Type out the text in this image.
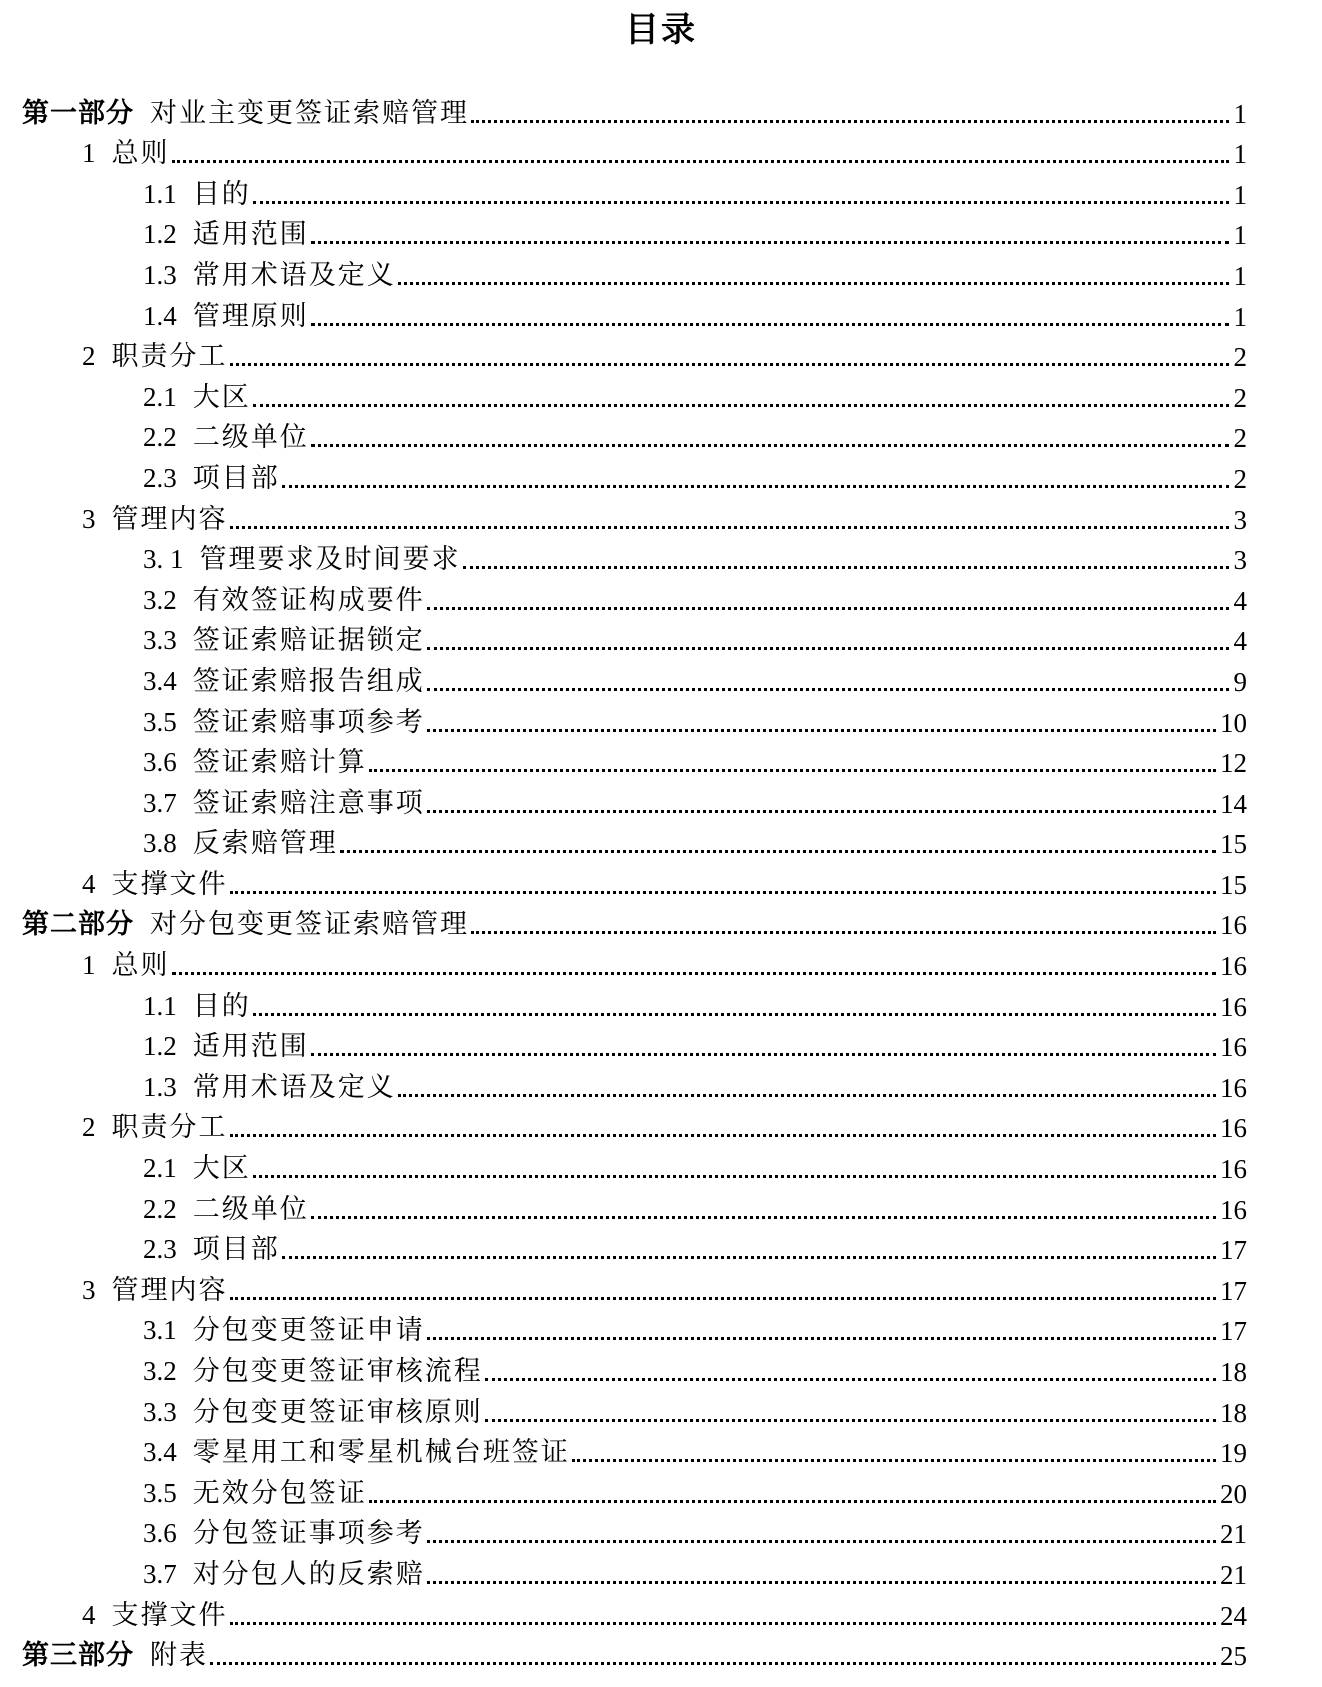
目录
第一部分 对业主变更签证索赔管理	1
1 总则	1
1.1 目的	1
1.2 适用范围	1
1.3 常用术语及定义	1
1.4 管理原则	1
2 职责分工	2
2.1 大区	2
2.2 二级单位	2
2.3 项目部	2
3 管理内容	3
3. 1 管理要求及时间要求	3
3.2 有效签证构成要件	4
3.3 签证索赔证据锁定	4
3.4 签证索赔报告组成	9
3.5 签证索赔事项参考	10
3.6 签证索赔计算	12
3.7 签证索赔注意事项	14
3.8 反索赔管理	15
4 支撑文件	15
第二部分 对分包变更签证索赔管理	16
1 总则	16
1.1 目的	16
1.2 适用范围	16
1.3 常用术语及定义	16
2 职责分工	16
2.1 大区	16
2.2 二级单位	16
2.3 项目部	17
3 管理内容	17
3.1 分包变更签证申请	17
3.2 分包变更签证审核流程	18
3.3 分包变更签证审核原则	18
3.4 零星用工和零星机械台班签证	19
3.5 无效分包签证	20
3.6 分包签证事项参考	21
3.7 对分包人的反索赔	21
4 支撑文件	24
第三部分 附表	25
